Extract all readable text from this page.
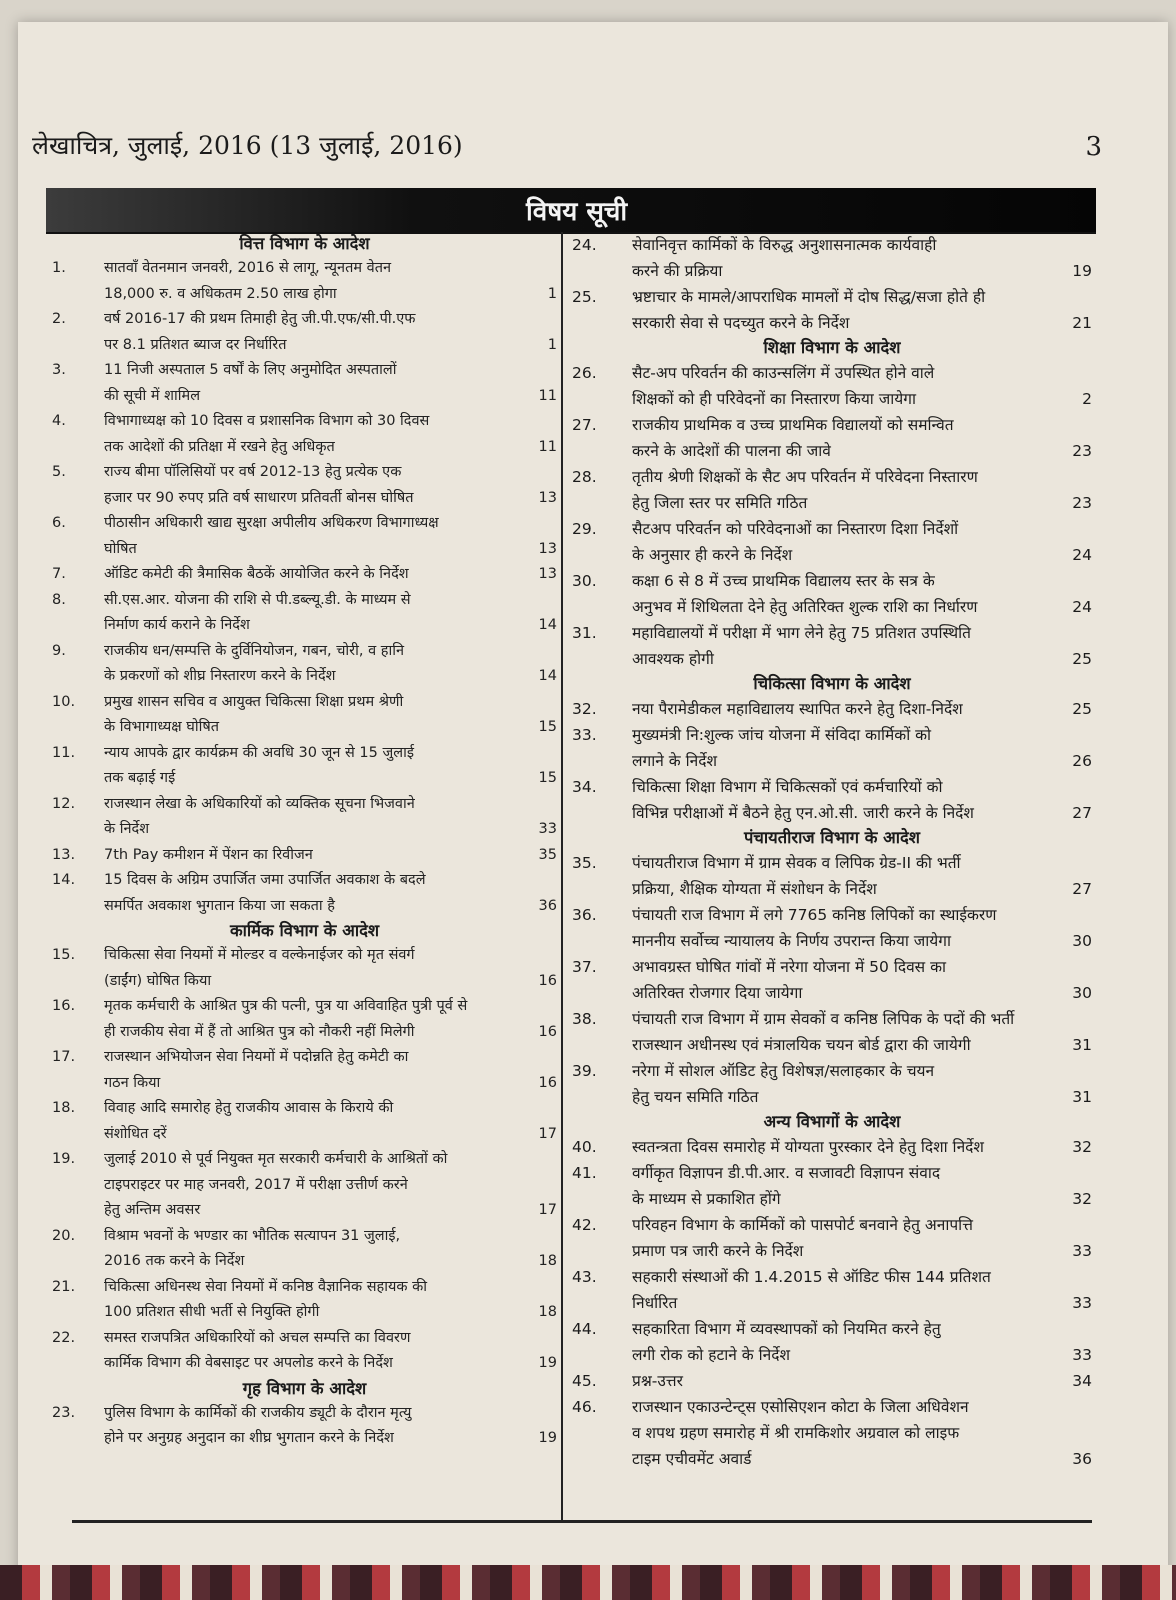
लेखाचित्र, जुलाई, 2016 (13 जुलाई, 2016)	3
विषय सूची
वित्त विभाग के आदेश
1.	सातवाँ वेतनमान जनवरी, 2016 से लागू, न्यूनतम वेतन
18,000 रु. व अधिकतम 2.50 लाख होगा	1
2.	वर्ष 2016-17 की प्रथम तिमाही हेतु जी.पी.एफ/सी.पी.एफ
पर 8.1 प्रतिशत ब्याज दर निर्धारित	1
3.	11 निजी अस्पताल 5 वर्षों के लिए अनुमोदित अस्पतालों
की सूची में शामिल	11
4.	विभागाध्यक्ष को 10 दिवस व प्रशासनिक विभाग को 30 दिवस
तक आदेशों की प्रतिक्षा में रखने हेतु अधिकृत	11
5.	राज्य बीमा पॉलिसियों पर वर्ष 2012-13 हेतु प्रत्येक एक
हजार पर 90 रुपए प्रति वर्ष साधारण प्रतिवर्ती बोनस घोषित	13
6.	पीठासीन अधिकारी खाद्य सुरक्षा अपीलीय अधिकरण विभागाध्यक्ष
घोषित	13
7.	ऑडिट कमेटी की त्रैमासिक बैठकें आयोजित करने के निर्देश	13
8.	सी.एस.आर. योजना की राशि से पी.डब्ल्यू.डी. के माध्यम से
निर्माण कार्य कराने के निर्देश	14
9.	राजकीय धन/सम्पत्ति के दुर्विनियोजन, गबन, चोरी, व हानि
के प्रकरणों को शीघ्र निस्तारण करने के निर्देश	14
10.	प्रमुख शासन सचिव व आयुक्त चिकित्सा शिक्षा प्रथम श्रेणी
के विभागाध्यक्ष घोषित	15
11.	न्याय आपके द्वार कार्यक्रम की अवधि 30 जून से 15 जुलाई
तक बढ़ाई गई	15
12.	राजस्थान लेखा के अधिकारियों को व्यक्तिक सूचना भिजवाने
के निर्देश	33
13.	7th Pay कमीशन में पेंशन का रिवीजन	35
14.	15 दिवस के अग्रिम उपार्जित जमा उपार्जित अवकाश के बदले
समर्पित अवकाश भुगतान किया जा सकता है	36
कार्मिक विभाग के आदेश
15.	चिकित्सा सेवा नियमों में मोल्डर व वल्केनाईजर को मृत संवर्ग
(डाईंग) घोषित किया	16
16.	मृतक कर्मचारी के आश्रित पुत्र की पत्नी, पुत्र या अविवाहित पुत्री पूर्व से
ही राजकीय सेवा में हैं तो आश्रित पुत्र को नौकरी नहीं मिलेगी	16
17.	राजस्थान अभियोजन सेवा नियमों में पदोन्नति हेतु कमेटी का
गठन किया	16
18.	विवाह आदि समारोह हेतु राजकीय आवास के किराये की
संशोधित दरें	17
19.	जुलाई 2010 से पूर्व नियुक्त मृत सरकारी कर्मचारी के आश्रितों को
टाइपराइटर पर माह जनवरी, 2017 में परीक्षा उत्तीर्ण करने
हेतु अन्तिम अवसर	17
20.	विश्राम भवनों के भण्डार का भौतिक सत्यापन 31 जुलाई,
2016 तक करने के निर्देश	18
21.	चिकित्सा अधिनस्थ सेवा नियमों में कनिष्ठ वैज्ञानिक सहायक की
100 प्रतिशत सीधी भर्ती से नियुक्ति होगी	18
22.	समस्त राजपत्रित अधिकारियों को अचल सम्पत्ति का विवरण
कार्मिक विभाग की वेबसाइट पर अपलोड करने के निर्देश	19
गृह विभाग के आदेश
23.	पुलिस विभाग के कार्मिकों की राजकीय ड्यूटी के दौरान मृत्यु
होने पर अनुग्रह अनुदान का शीघ्र भुगतान करने के निर्देश	19
24.	सेवानिवृत्त कार्मिकों के विरुद्ध अनुशासनात्मक कार्यवाही
करने की प्रक्रिया	19
25.	भ्रष्टाचार के मामले/आपराधिक मामलों में दोष सिद्ध/सजा होते ही
सरकारी सेवा से पदच्युत करने के निर्देश	21
शिक्षा विभाग के आदेश
26.	सैट-अप परिवर्तन की काउन्सलिंग में उपस्थित होने वाले
शिक्षकों को ही परिवेदनों का निस्तारण किया जायेगा	2
27.	राजकीय प्राथमिक व उच्च प्राथमिक विद्यालयों को समन्वित
करने के आदेशों की पालना की जावे	23
28.	तृतीय श्रेणी शिक्षकों के सैट अप परिवर्तन में परिवेदना निस्तारण
हेतु जिला स्तर पर समिति गठित	23
29.	सैटअप परिवर्तन को परिवेदनाओं का निस्तारण दिशा निर्देशों
के अनुसार ही करने के निर्देश	24
30.	कक्षा 6 से 8 में उच्च प्राथमिक विद्यालय स्तर के सत्र के
अनुभव में शिथिलता देने हेतु अतिरिक्त शुल्क राशि का निर्धारण	24
31.	महाविद्यालयों में परीक्षा में भाग लेने हेतु 75 प्रतिशत उपस्थिति
आवश्यक होगी	25
चिकित्सा विभाग के आदेश
32.	नया पैरामेडीकल महाविद्यालय स्थापित करने हेतु दिशा-निर्देश	25
33.	मुख्यमंत्री नि:शुल्क जांच योजना में संविदा कार्मिकों को
लगाने के निर्देश	26
34.	चिकित्सा शिक्षा विभाग में चिकित्सकों एवं कर्मचारियों को
विभिन्न परीक्षाओं में बैठने हेतु एन.ओ.सी. जारी करने के निर्देश	27
पंचायतीराज विभाग के आदेश
35.	पंचायतीराज विभाग में ग्राम सेवक व लिपिक ग्रेड-II की भर्ती
प्रक्रिया, शैक्षिक योग्यता में संशोधन के निर्देश	27
36.	पंचायती राज विभाग में लगे 7765 कनिष्ठ लिपिकों का स्थाईकरण
माननीय सर्वोच्च न्यायालय के निर्णय उपरान्त किया जायेगा	30
37.	अभावग्रस्त घोषित गांवों में नरेगा योजना में 50 दिवस का
अतिरिक्त रोजगार दिया जायेगा	30
38.	पंचायती राज विभाग में ग्राम सेवकों व कनिष्ठ लिपिक के पदों की भर्ती
राजस्थान अधीनस्थ एवं मंत्रालयिक चयन बोर्ड द्वारा की जायेगी	31
39.	नरेगा में सोशल ऑडिट हेतु विशेषज्ञ/सलाहकार के चयन
हेतु चयन समिति गठित	31
अन्य विभागों के आदेश
40.	स्वतन्त्रता दिवस समारोह में योग्यता पुरस्कार देने हेतु दिशा निर्देश	32
41.	वर्गीकृत विज्ञापन डी.पी.आर. व सजावटी विज्ञापन संवाद
के माध्यम से प्रकाशित होंगे	32
42.	परिवहन विभाग के कार्मिकों को पासपोर्ट बनवाने हेतु अनापत्ति
प्रमाण पत्र जारी करने के निर्देश	33
43.	सहकारी संस्थाओं की 1.4.2015 से ऑडिट फीस 144 प्रतिशत
निर्धारित	33
44.	सहकारिता विभाग में व्यवस्थापकों को नियमित करने हेतु
लगी रोक को हटाने के निर्देश	33
45.	प्रश्न-उत्तर	34
46.	राजस्थान एकाउन्टेन्ट्स एसोसिएशन कोटा के जिला अधिवेशन
व शपथ ग्रहण समारोह में श्री रामकिशोर अग्रवाल को लाइफ
टाइम एचीवमेंट अवार्ड	36
